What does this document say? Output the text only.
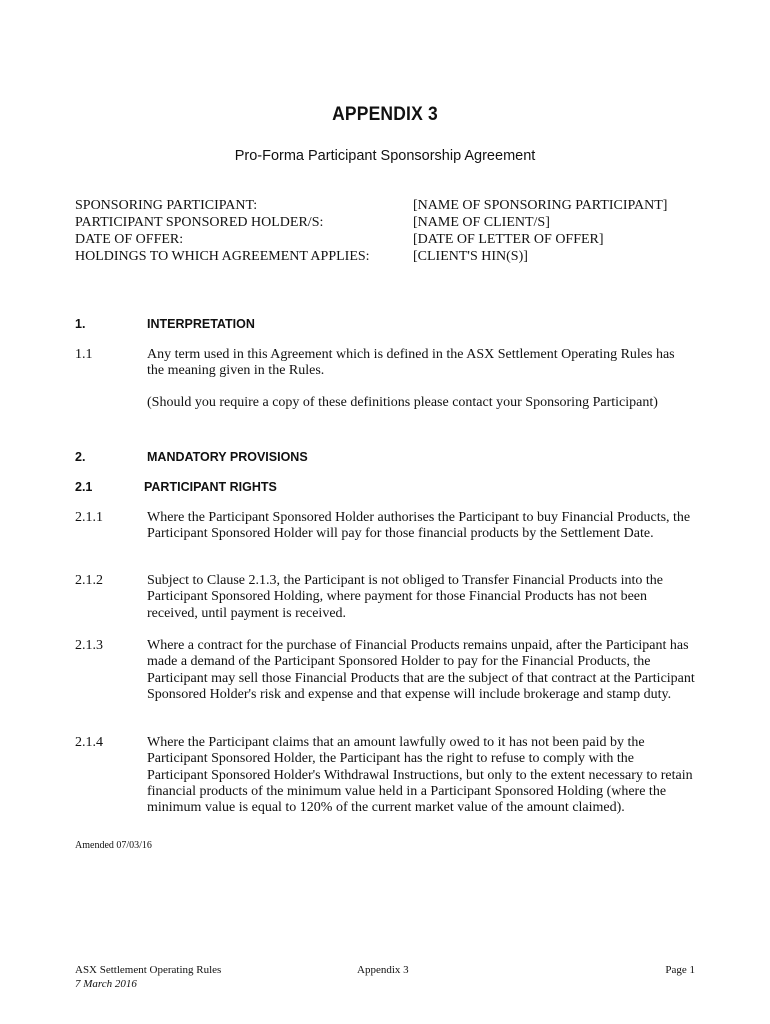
APPENDIX 3
Pro-Forma Participant Sponsorship Agreement
SPONSORING PARTICIPANT:	[NAME OF SPONSORING PARTICIPANT]
PARTICIPANT SPONSORED HOLDER/S:	[NAME OF CLIENT/S]
DATE OF OFFER:	[DATE OF LETTER OF OFFER]
HOLDINGS TO WHICH AGREEMENT APPLIES:	[CLIENT'S HIN(S)]
1.	INTERPRETATION
1.1	Any term used in this Agreement which is defined in the ASX Settlement Operating Rules has the meaning given in the Rules.
(Should you require a copy of these definitions please contact your Sponsoring Participant)
2.	MANDATORY PROVISIONS
2.1	PARTICIPANT RIGHTS
2.1.1	Where the Participant Sponsored Holder authorises the Participant to buy Financial Products, the Participant Sponsored Holder will pay for those financial products by the Settlement Date.
2.1.2	Subject to Clause 2.1.3, the Participant is not obliged to Transfer Financial Products into the Participant Sponsored Holding, where payment for those Financial Products has not been received, until payment is received.
2.1.3	Where a contract for the purchase of Financial Products remains unpaid, after the Participant has made a demand of the Participant Sponsored Holder to pay for the Financial Products, the Participant may sell those Financial Products that are the subject of that contract at the Participant Sponsored Holder's risk and expense and that expense will include brokerage and stamp duty.
2.1.4	Where the Participant claims that an amount lawfully owed to it has not been paid by the Participant Sponsored Holder, the Participant has the right to refuse to comply with the Participant Sponsored Holder's Withdrawal Instructions, but only to the extent necessary to retain financial products of the minimum value held in a Participant Sponsored Holding (where the minimum value is equal to 120% of the current market value of the amount claimed).
Amended 07/03/16
ASX Settlement Operating Rules
7 March 2016
Appendix 3	Page 1
